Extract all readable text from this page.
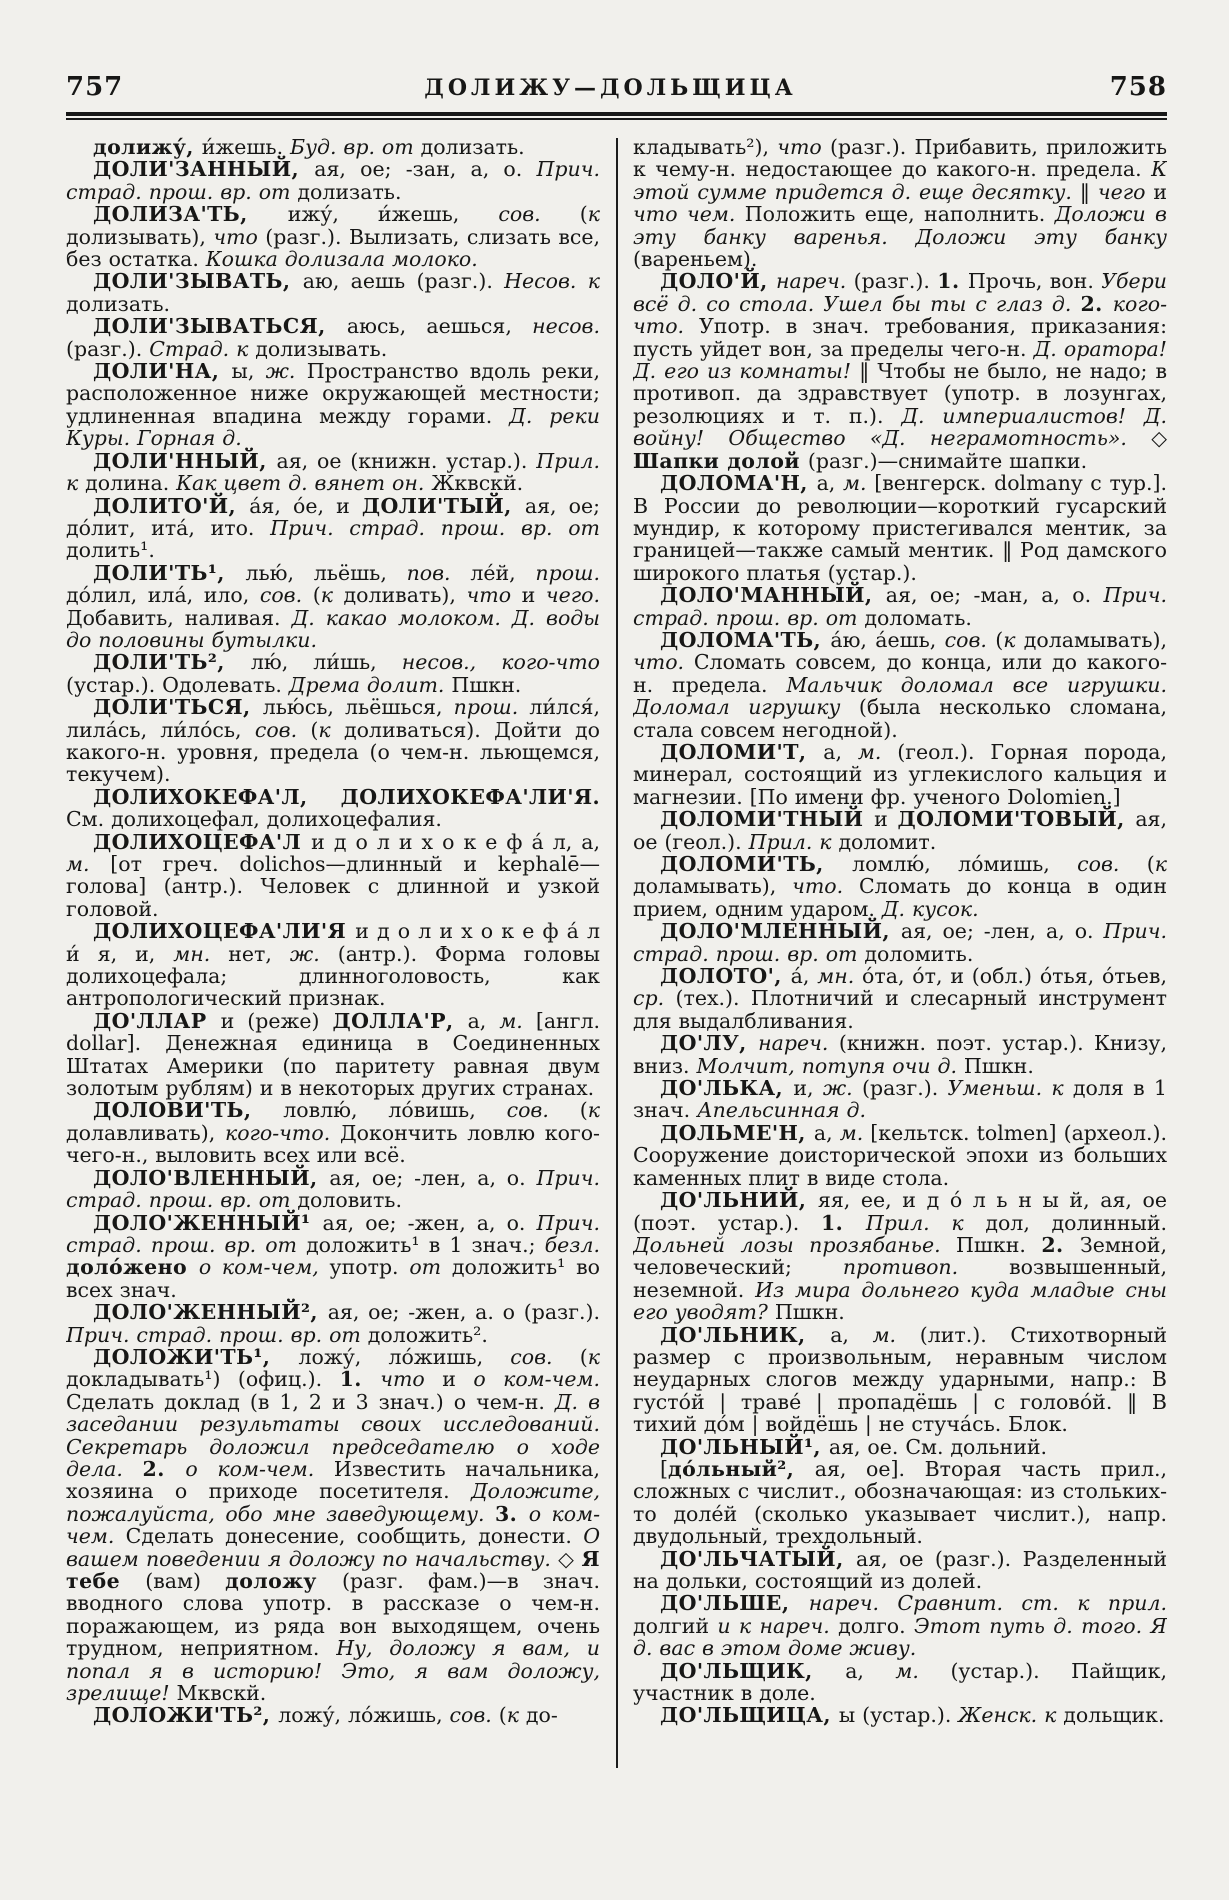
757	ДОЛИЖУ—ДОЛЬЩИЦА	758

долижу́, и́жешь. Буд. вр. от долизать.

ДОЛИ'ЗАННЫЙ, ая, ое; -зан, а, о. Прич. страд. прош. вр. от долизать.

ДОЛИЗА'ТЬ, ижу́, и́жешь, сов. (к долизывать), что (разг.). Вылизать, слизать все, без остатка. Кошка долизала молоко.

ДОЛИ'ЗЫВАТЬ, аю, аешь (разг.). Несов. к долизать.

ДОЛИ'ЗЫВАТЬСЯ, аюсь, аешься, несов. (разг.). Страд. к долизывать.

ДОЛИ'НА, ы, ж. Пространство вдоль реки, расположенное ниже окружающей местности; удлиненная впадина между горами. Д. реки Куры. Горная д.

ДОЛИ'ННЫЙ, ая, ое (книжн. устар.). Прил. к долина. Как цвет д. вянет он. Жквскй.

ДОЛИТО'Й, а́я, о́е, и ДОЛИ'ТЫЙ, ая, ое; до́лит, ита́, ито. Прич. страд. прош. вр. от долить¹.

ДОЛИ'ТЬ¹, лью́, льёшь, пов. ле́й, прош. до́лил, ила́, ило, сов. (к доливать), что и чего. Добавить, наливая. Д. какао молоком. Д. воды до половины бутылки.

ДОЛИ'ТЬ², лю́, ли́шь, несов., кого-что (устар.). Одолевать. Дрема долит. Пшкн.

ДОЛИ'ТЬСЯ, лью́сь, льёшься, прош. ли́лся́, лила́сь, ли́ло́сь, сов. (к доливаться). Дойти до какого-н. уровня, предела (о чем-н. льющемся, текучем).

ДОЛИХОКЕФА'Л, ДОЛИХОКЕФА'ЛИ'Я. См. долихоцефал, долихоцефалия.

ДОЛИХОЦЕФА'Л и д о л и х о к е ф а́ л, а, м. [от греч. dolichos—длинный и kephalē—голова] (антр.). Человек с длинной и узкой головой.

ДОЛИХОЦЕФА'ЛИ'Я и д о л и х о к е ф а́ л и́ я, и, мн. нет, ж. (антр.). Форма головы долихоцефала; длинноголовость, как антропологический признак.

ДО'ЛЛАР и (реже) ДОЛЛА'Р, а, м. [англ. dollar]. Денежная единица в Соединенных Штатах Америки (по паритету равная двум золотым рублям) и в некоторых других странах.

ДОЛОВИ'ТЬ, ловлю́, ло́вишь, сов. (к долавливать), кого-что. Докончить ловлю кого-чего-н., выловить всех или всё.

ДОЛО'ВЛЕННЫЙ, ая, ое; -лен, а, о. Прич. страд. прош. вр. от доловить.

ДОЛО'ЖЕННЫЙ¹ ая, ое; -жен, а, о. Прич. страд. прош. вр. от доложить¹ в 1 знач.; безл. доло́жено о ком-чем, употр. от доложить¹ во всех знач.

ДОЛО'ЖЕННЫЙ², ая, ое; -жен, а. о (разг.). Прич. страд. прош. вр. от доложить².

ДОЛОЖИ'ТЬ¹, ложу́, ло́жишь, сов. (к докладывать¹) (офиц.). 1. что и о ком-чем. Сделать доклад (в 1, 2 и 3 знач.) о чем-н. Д. в заседании результаты своих исследований. Секретарь доложил председателю о ходе дела. 2. о ком-чем. Известить начальника, хозяина о приходе посетителя. Доложите, пожалуйста, обо мне заведующему. 3. о ком-чем. Сделать донесение, сообщить, донести. О вашем поведении я доложу по начальству. ◇ Я тебе (вам) доложу (разг. фам.)—в знач. вводного слова употр. в рассказе о чем-н. поражающем, из ряда вон выходящем, очень трудном, неприятном. Ну, доложу я вам, и попал я в историю! Это, я вам доложу, зрелище! Мквскй.

ДОЛОЖИ'ТЬ², ложу́, ло́жишь, сов. (к до-

кладывать²), что (разг.). Прибавить, приложить к чему-н. недостающее до какого-н. предела. К этой сумме придется д. еще десятку. ‖ чего и что чем. Положить еще, наполнить. Доложи в эту банку варенья. Доложи эту банку (вареньем).

ДОЛО'Й, нареч. (разг.). 1. Прочь, вон. Убери всё д. со стола. Ушел бы ты с глаз д. 2. кого-что. Употр. в знач. требования, приказания: пусть уйдет вон, за пределы чего-н. Д. оратора! Д. его из комнаты! ‖ Чтобы не было, не надо; в противоп. да здравствует (употр. в лозунгах, резолюциях и т. п.). Д. империалистов! Д. войну! Общество «Д. неграмотность». ◇ Шапки долой (разг.)—снимайте шапки.

ДОЛОМА'Н, а, м. [венгерск. dolmany с тур.]. В России до революции—короткий гусарский мундир, к которому пристегивался ментик, за границей—также самый ментик. ‖ Род дамского широкого платья (устар.).

ДОЛО'МАННЫЙ, ая, ое; -ман, а, о. Прич. страд. прош. вр. от доломать.

ДОЛОМА'ТЬ, а́ю, а́ешь, сов. (к доламывать), что. Сломать совсем, до конца, или до какого-н. предела. Мальчик доломал все игрушки. Доломал игрушку (была несколько сломана, стала совсем негодной).

ДОЛОМИ'Т, а, м. (геол.). Горная порода, минерал, состоящий из углекислого кальция и магнезии. [По имени фр. ученого Dolomien.]

ДОЛОМИ'ТНЫЙ и ДОЛОМИ'ТОВЫЙ, ая, ое (геол.). Прил. к доломит.

ДОЛОМИ'ТЬ, ломлю́, ло́мишь, сов. (к доламывать), что. Сломать до конца в один прием, одним ударом. Д. кусок.

ДОЛО'МЛЕННЫЙ, ая, ое; -лен, а, о. Прич. страд. прош. вр. от доломить.

ДОЛОТО', а́, мн. о́та, о́т, и (обл.) о́тья, о́тьев, ср. (тех.). Плотничий и слесарный инструмент для выдалбливания.

ДО'ЛУ, нареч. (книжн. поэт. устар.). Книзу, вниз. Молчит, потупя очи д. Пшкн.

ДО'ЛЬКА, и, ж. (разг.). Уменьш. к доля в 1 знач. Апельсинная д.

ДОЛЬМЕ'Н, а, м. [кельтск. tolmen] (археол.). Сооружение доисторической эпохи из больших каменных плит в виде стола.

ДО'ЛЬНИЙ, яя, ее, и д о́ л ь н ы й, ая, ое (поэт. устар.). 1. Прил. к дол, долинный. Дольней лозы прозябанье. Пшкн. 2. Земной, человеческий; противоп. возвышенный, неземной. Из мира дольнего куда младые сны его уводят? Пшкн.

ДО'ЛЬНИК, а, м. (лит.). Стихотворный размер с произвольным, неравным числом неударных слогов между ударными, напр.: В густо́й | траве́ | пропадёшь | с голово́й. ‖ В тихий до́м | войдёшь | не стуча́сь. Блок.

ДО'ЛЬНЫЙ¹, ая, ое. См. дольний.

[до́льный², ая, ое]. Вторая часть прил., сложных с числит., обозначающая: из стольких-то доле́й (сколько указывает числит.), напр. двудольный, трехдольный.

ДО'ЛЬЧАТЫЙ, ая, ое (разг.). Разделенный на дольки, состоящий из долей.

ДО'ЛЬШЕ, нареч. Сравнит. ст. к прил. долгий и к нареч. долго. Этот путь д. того. Я д. вас в этом доме живу.

ДО'ЛЬЩИК, а, м. (устар.). Пайщик, участник в доле.

ДО'ЛЬЩИЦА, ы (устар.). Женск. к дольщик.
